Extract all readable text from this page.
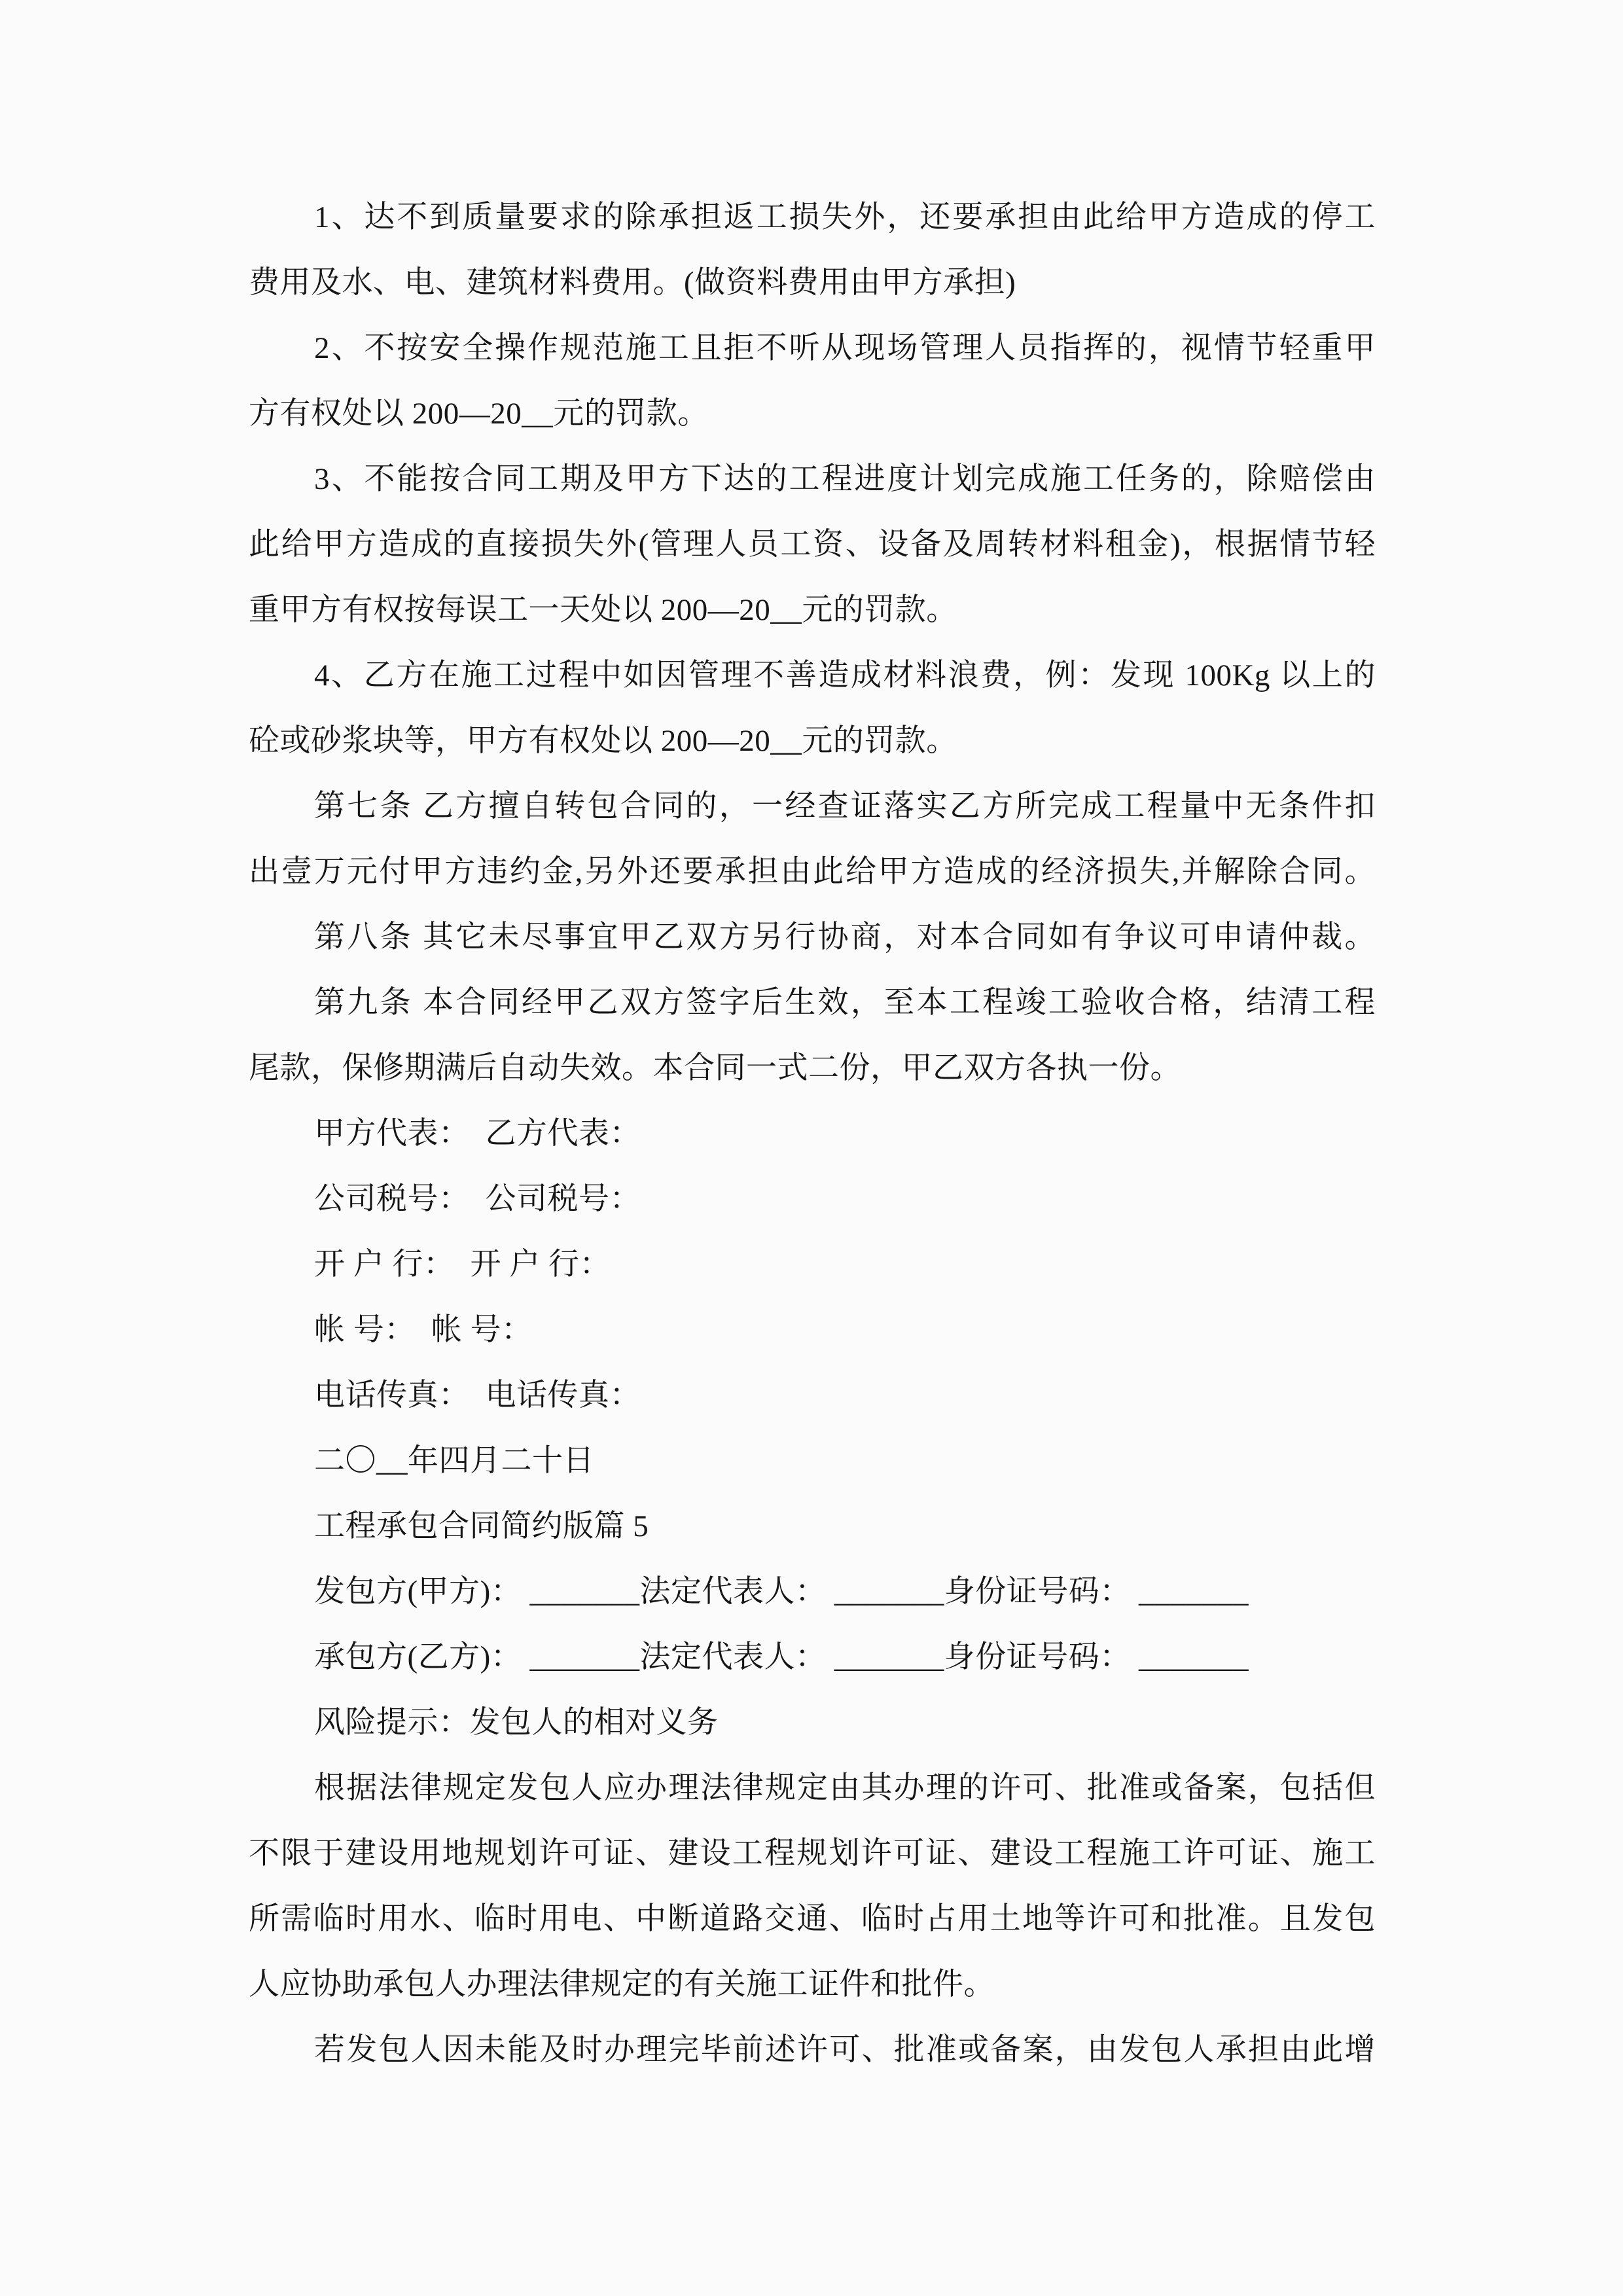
1、达不到质量要求的除承担返工损失外，还要承担由此给甲方造成的停工
费用及水、电、建筑材料费用。(做资料费用由甲方承担)
2、不按安全操作规范施工且拒不听从现场管理人员指挥的，视情节轻重甲
方有权处以 200—20__元的罚款。
3、不能按合同工期及甲方下达的工程进度计划完成施工任务的，除赔偿由
此给甲方造成的直接损失外(管理人员工资、设备及周转材料租金)，根据情节轻
重甲方有权按每误工一天处以 200—20__元的罚款。
4、乙方在施工过程中如因管理不善造成材料浪费，例：发现 100Kg 以上的
砼或砂浆块等，甲方有权处以 200—20__元的罚款。
第七条 乙方擅自转包合同的，一经查证落实乙方所完成工程量中无条件扣
出壹万元付甲方违约金,另外还要承担由此给甲方造成的经济损失,并解除合同。
第八条 其它未尽事宜甲乙双方另行协商，对本合同如有争议可申请仲裁。
第九条 本合同经甲乙双方签字后生效，至本工程竣工验收合格，结清工程
尾款，保修期满后自动失效。本合同一式二份，甲乙双方各执一份。
甲方代表：　乙方代表：
公司税号：　公司税号：
开 户 行：　开 户 行：
帐 号：　帐 号：
电话传真：　电话传真：
二〇__年四月二十日
工程承包合同简约版篇 5
发包方(甲方)： _______法定代表人： _______身份证号码： _______
承包方(乙方)： _______法定代表人： _______身份证号码： _______
风险提示：发包人的相对义务
根据法律规定发包人应办理法律规定由其办理的许可、批准或备案，包括但
不限于建设用地规划许可证、建设工程规划许可证、建设工程施工许可证、施工
所需临时用水、临时用电、中断道路交通、临时占用土地等许可和批准。且发包
人应协助承包人办理法律规定的有关施工证件和批件。
若发包人因未能及时办理完毕前述许可、批准或备案，由发包人承担由此增
